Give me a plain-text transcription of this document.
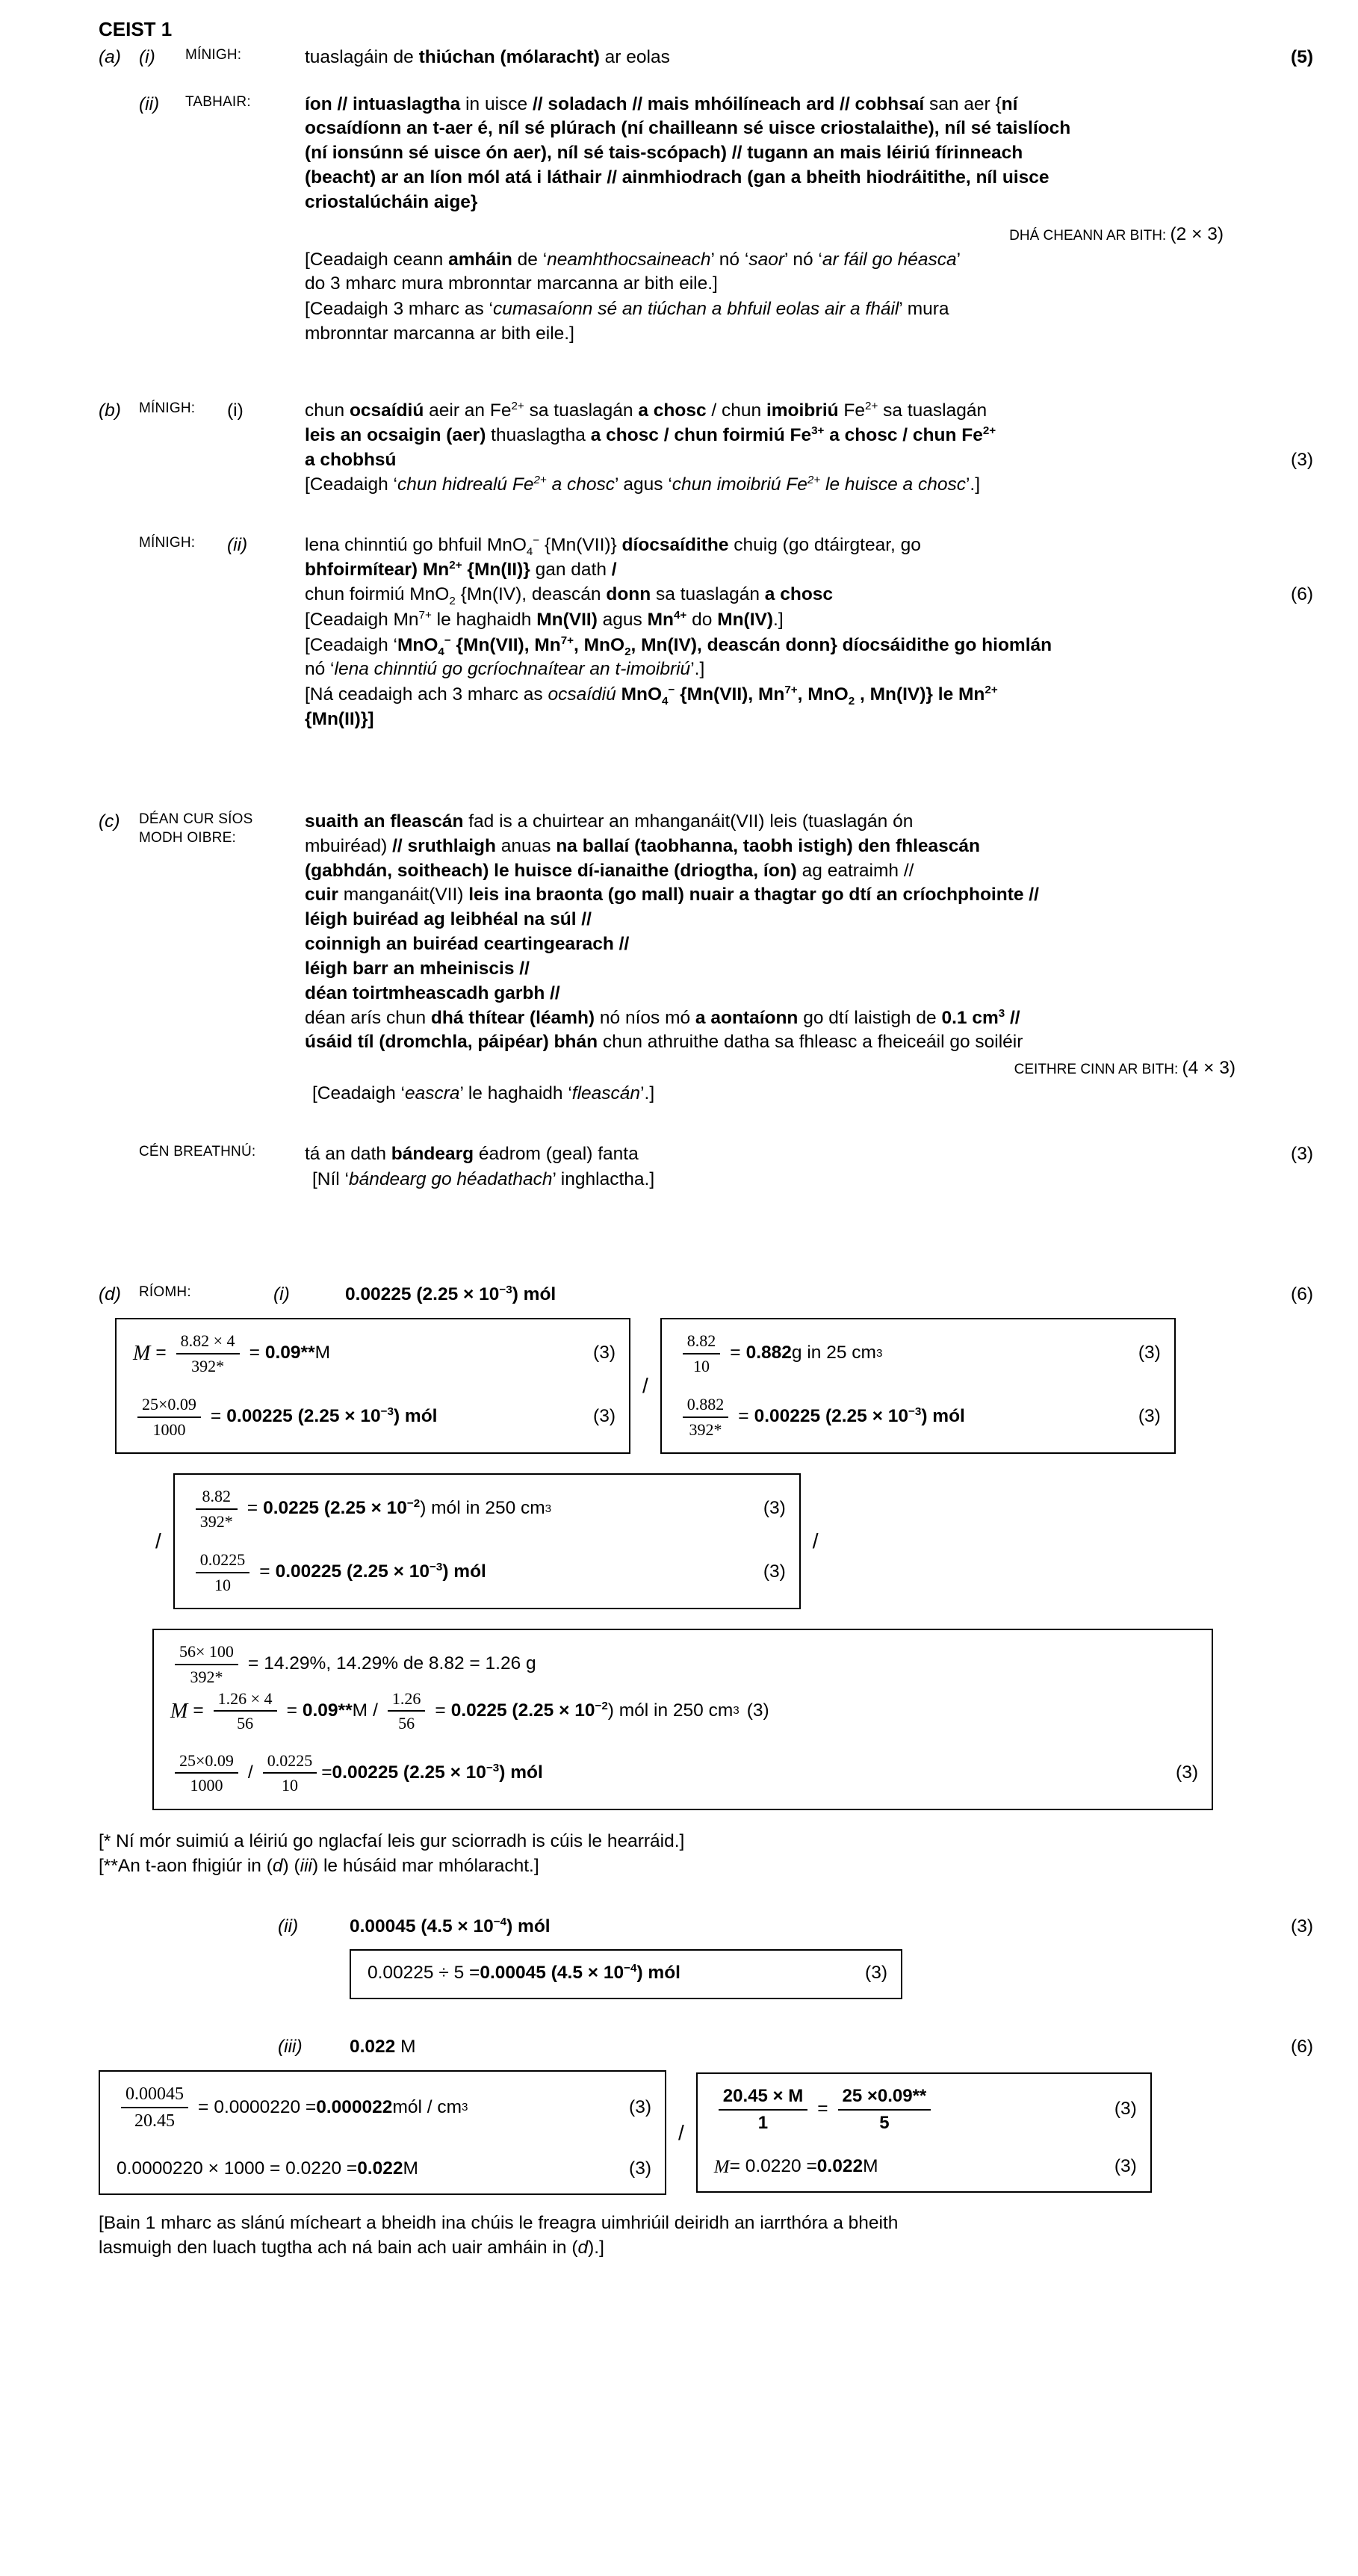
CEIST 1
(a) (i)	MÍNIGH:	tuaslagáin de thiúchan (mólaracht) ar eolas	(5)
(ii)	TABHAIR:	íon // intuaslagtha in uisce // soladach // mais mhóilíneach ard // cobhsaí san aer {ní
ocsaídíonn an t-aer é, níl sé plúrach (ní chailleann sé uisce criostalaithe), níl sé taislíoch
(ní ionsúnn sé uisce ón aer), níl sé tais-scópach) // tugann an mais léiriú fírinneach
(beacht) ar an líon mól atá i láthair // ainmhiodrach (gan a bheith hiodráitithe, níl uisce
criostalúcháin aige}
DHÁ CHEANN AR BITH: (2 × 3)
[Ceadaigh ceann amháin de ‘neamhthocsaineach’ nó ‘saor’ nó ‘ar fáil go héasca’
do 3 mharc mura mbronntar marcanna ar bith eile.]
[Ceadaigh 3 mharc as ‘cumasaíonn sé an tiúchan a bhfuil eolas air a fháil’ mura
mbronntar marcanna ar bith eile.]
(b)	MÍNIGH:	(i)	chun ocsaídiú aeir an $Fe^{2+}$ sa tuaslagán a chosc / chun imoibriú $Fe^{2+}$ sa tuaslagán
leis an ocsaigin (aer) thuaslagtha a chosc / chun foirmiú $Fe^{3+}$ a chosc / chun $Fe^{2+}$
a chobhsú	(3)
[Ceadaigh ‘chun hidrealú $Fe^{2+}$ a chosc’ agus ‘chun imoibriú $Fe^{2+}$ le huisce a chosc’.]
MÍNIGH:	(ii)	lena chinntiú go bhfuil MnO$_4$− {Mn(VII)} díocsaídithe chuig (go dtáirgtear, go
bhfoirmítear) $Mn^{2+}$ {Mn(II)} gan dath /
chun foirmiú MnO$_2$ {Mn(IV), deascán donn sa tuaslagán a chosc	(6)
[Ceadaigh $Mn^{7+}$ le haghaidh Mn(VII) agus $Mn^{4+}$ do Mn(IV).]
[Ceadaigh ‘MnO$_4$− {Mn(VII), $Mn^{7+}$, MnO$_2$, Mn(IV), deascán donn} díocsáidithe go hiomlán
nó ‘lena chinntiú go gcríochnaítear an t-imoibriú’.]
[Ná ceadaigh ach 3 mharc as ocsaídiú MnO$_4$− {Mn(VII), $Mn^{7+}$, MnO$_2$ , Mn(IV)} le $Mn^{2+}$
{Mn(II)}]
(c)	DÉAN CUR SÍOS
MODH OIBRE:
suaith an fleascán fad is a chuirtear an mhanganáit(VII) leis (tuaslagán ón
mbuiréad) // sruthlaigh anuas na ballaí (taobhanna, taobh istigh) den fhleascán
(gabhdán, soitheach) le huisce dí-ianaithe (driogtha, íon) ag eatraimh //
cuir manganáit(VII) leis ina braonta (go mall) nuair a thagtar go dtí an críochphointe //
léigh buiréad ag leibhéal na súl //
coinnigh an buiréad ceartingearach //
léigh barr an mheiniscis //
déan toirtmheascadh garbh //
déan arís chun dhá thítear (léamh) nó níos mó a aontaíonn go dtí laistigh de 0.1 $cm^3$ //
úsáid tíl (dromchla, páipéar) bhán chun athruithe datha sa fhleasc a fheiceáil go soiléir
CEITHRE CINN AR BITH: (4 × 3)
[Ceadaigh ‘eascra’ le haghaidh ‘fleascán’.]
CÉN BREATHNÚ:	tá an dath bándearg éadrom (geal) fanta	(3)
[Níl ‘bándearg go héadathach’ inghlactha.]
(d)	RÍOMH:	(i)	0.00225 $(2.25 \times 10^{-3})$ mól	(6)
$M = \frac{8.82 \times 4}{392*} = 0.09**$ M	(3)
$\frac{25\times 0.09}{1000} = 0.00225$ $(2.25 \times 10^{-3})$ mól	(3)
/
$\frac{8.82}{10} = 0.882$ g in 25 cm 3	(3)
$\frac{0.882}{392*} = 0.00225$ $(2.25 \times 10^{-3})$ mól	(3)
/
$\frac{8.82}{392*} = 0.0225$ ($2.25 \times 10^{-2}$ ) mól in 250 cm 3	(3)
$\frac{0.0225}{10} = 0.00225$ $(2.25 \times 10^{-3})$ mól	(3)
/
$\frac{56\times 100}{392*} = 14.29\%$, 14.29% de 8.82 = 1.26 g
$M = \frac{1.26 \times 4}{56} = 0.09**$ $M / \frac{1.26}{56} = 0.0225$ ($2.25 \times 10^{-2}$ ) mól in 250 cm 3 (3)
$\frac{25\times 0.09}{1000} / \frac{0.0225}{10} = 0.00225$ $(2.25 \times 10^{-3})$ mól	(3)
[* Ní mór suimiú a léiriú go nglacfaí leis gur sciorradh is cúis le hearráid.]
[**An t-aon fhigiúr in (d) (iii) le húsáid mar mhólaracht.]
(ii)	0.00045 $(4.5 \times 10^{-4})$ mól	(3)
0.00225 ÷ 5 = 0.00045 $(4.5 \times 10^{-4})$ mól	(3)
(iii)	0.022 M	(6)
$\frac{0.00045}{20.45} = 0.0000220 = 0.000022$ mól / cm 3	(3)
0.0000220 × 1000 = 0.0220 = 0.022 M	(3)
/	$\frac{20.45 \times M}{1} = \frac{25 \times 0.09**}{5}$	(3)
M = 0.0220 = 0.022 M	(3)
[Bain 1 mharc as slánú mícheart a bheidh ina chúis le freagra uimhriúil deiridh an iarrthóra a bheith
lasmuigh den luach tugtha ach ná bain ach uair amháin in (d).]
